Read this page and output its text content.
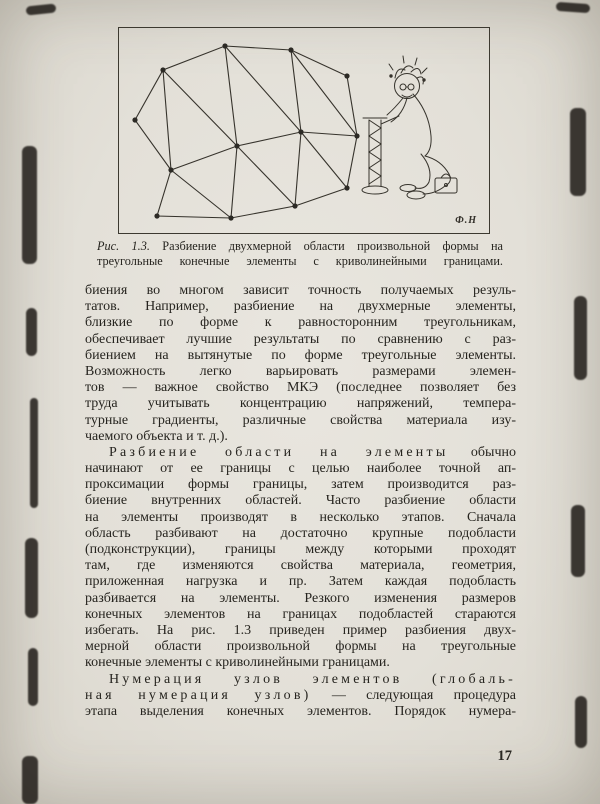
Ф.Н
Рис. 1.3. Разбиение двухмерной области произвольной формы на
треугольные конечные элементы с криволинейными границами.
биения во многом зависит точность получаемых резуль-
татов. Например, разбиение на двухмерные элементы,
близкие по форме к равносторонним треугольникам,
обеспечивает лучшие результаты по сравнению с раз-
биением на вытянутые по форме треугольные элементы.
Возможность легко варьировать размерами элемен-
тов — важное свойство МКЭ (последнее позволяет без
труда учитывать концентрацию напряжений, темпера-
турные градиенты, различные свойства материала изу-
чаемого объекта и т. д.).
Разбиение области на элементы обычно
начинают от ее границы с целью наиболее точной ап-
проксимации формы границы, затем производится раз-
биение внутренних областей. Часто разбиение области
на элементы производят в несколько этапов. Сначала
область разбивают на достаточно крупные подобласти
(подконструкции), границы между которыми проходят
там, где изменяются свойства материала, геометрия,
приложенная нагрузка и пр. Затем каждая подобласть
разбивается на элементы. Резкого изменения размеров
конечных элементов на границах подобластей стараются
избегать. На рис. 1.3 приведен пример разбиения двух-
мерной области произвольной формы на треугольные
конечные элементы с криволинейными границами.
Нумерация узлов элементов (глобаль-
ная нумерация узлов) — следующая процедура
этапа выделения конечных элементов. Порядок нумера-
17
